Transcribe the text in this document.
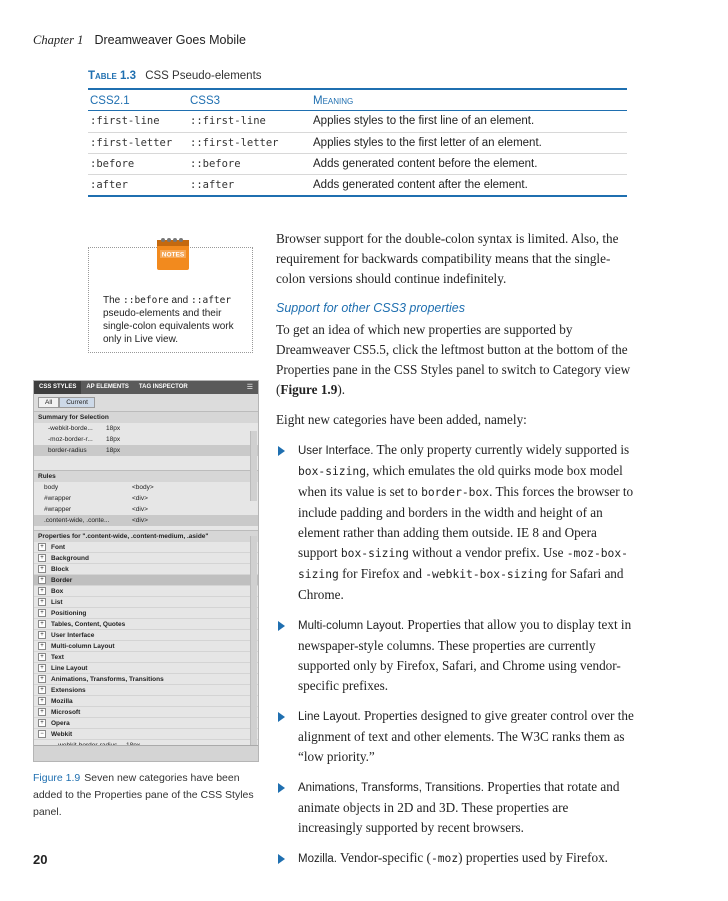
Chapter 1 Dreamweaver Goes Mobile
Table 1.3 CSS Pseudo-elements
CSS2.1	CSS3	Meaning
:first-line	::first-line	Applies styles to the first line of an element.
:first-letter	::first-letter	Applies styles to the first letter of an element.
:before	::before	Adds generated content before the element.
:after	::after	Adds generated content after the element.
NOTES
The ::before and ::after pseudo-elements and their single-colon equivalents work only in Live view.
CSS STYLES	AP ELEMENTS	TAG INSPECTOR	☰
All	Current
Summary for Selection
-webkit-borde...	18px
-moz-border-r...	18px
border-radius	18px
Rules
body	<body>
#wrapper	<div>
#wrapper	<div>
.content-wide, .conte...	<div>
Properties for ".content-wide, .content-medium, .aside"
+	Font
+	Background
+	Block
+	Border
+	Box
+	List
+	Positioning
+	Tables, Content, Quotes
+	User Interface
+	Multi-column Layout
+	Text
+	Line Layout
+	Animations, Transforms, Transitions
+	Extensions
+	Mozilla
+	Microsoft
+	Opera
−	Webkit
Figure 1.9 Seven new categories have been added to the Properties pane of the CSS Styles panel.

Browser support for the double-colon syntax is limited. Also, the requirement for backwards compatibility means that the single-colon versions should continue indefinitely.

Support for other CSS3 properties

To get an idea of which new properties are supported by Dreamweaver CS5.5, click the leftmost button at the bottom of the Properties pane in the CSS Styles panel to switch to Category view (Figure 1.9).

Eight new categories have been added, namely:

User Interface. The only property currently widely supported is box-sizing, which emulates the old quirks mode box model when its value is set to border-box. This forces the browser to include padding and borders in the width and height of an element rather than adding them outside. IE 8 and Opera support box-sizing without a vendor prefix. Use -moz-box-sizing for Firefox and -webkit-box-sizing for Safari and Chrome.
Multi-column Layout. Properties that allow you to display text in newspaper-style columns. These properties are currently supported only by Firefox, Safari, and Chrome using vendor-specific prefixes.
Line Layout. Properties designed to give greater control over the alignment of text and other elements. The W3C ranks them as “low priority.”
Animations, Transforms, Transitions. Properties that rotate and animate objects in 2D and 3D. These properties are increasingly supported by recent browsers.
Mozilla. Vendor-specific (-moz) properties used by Firefox.
20
